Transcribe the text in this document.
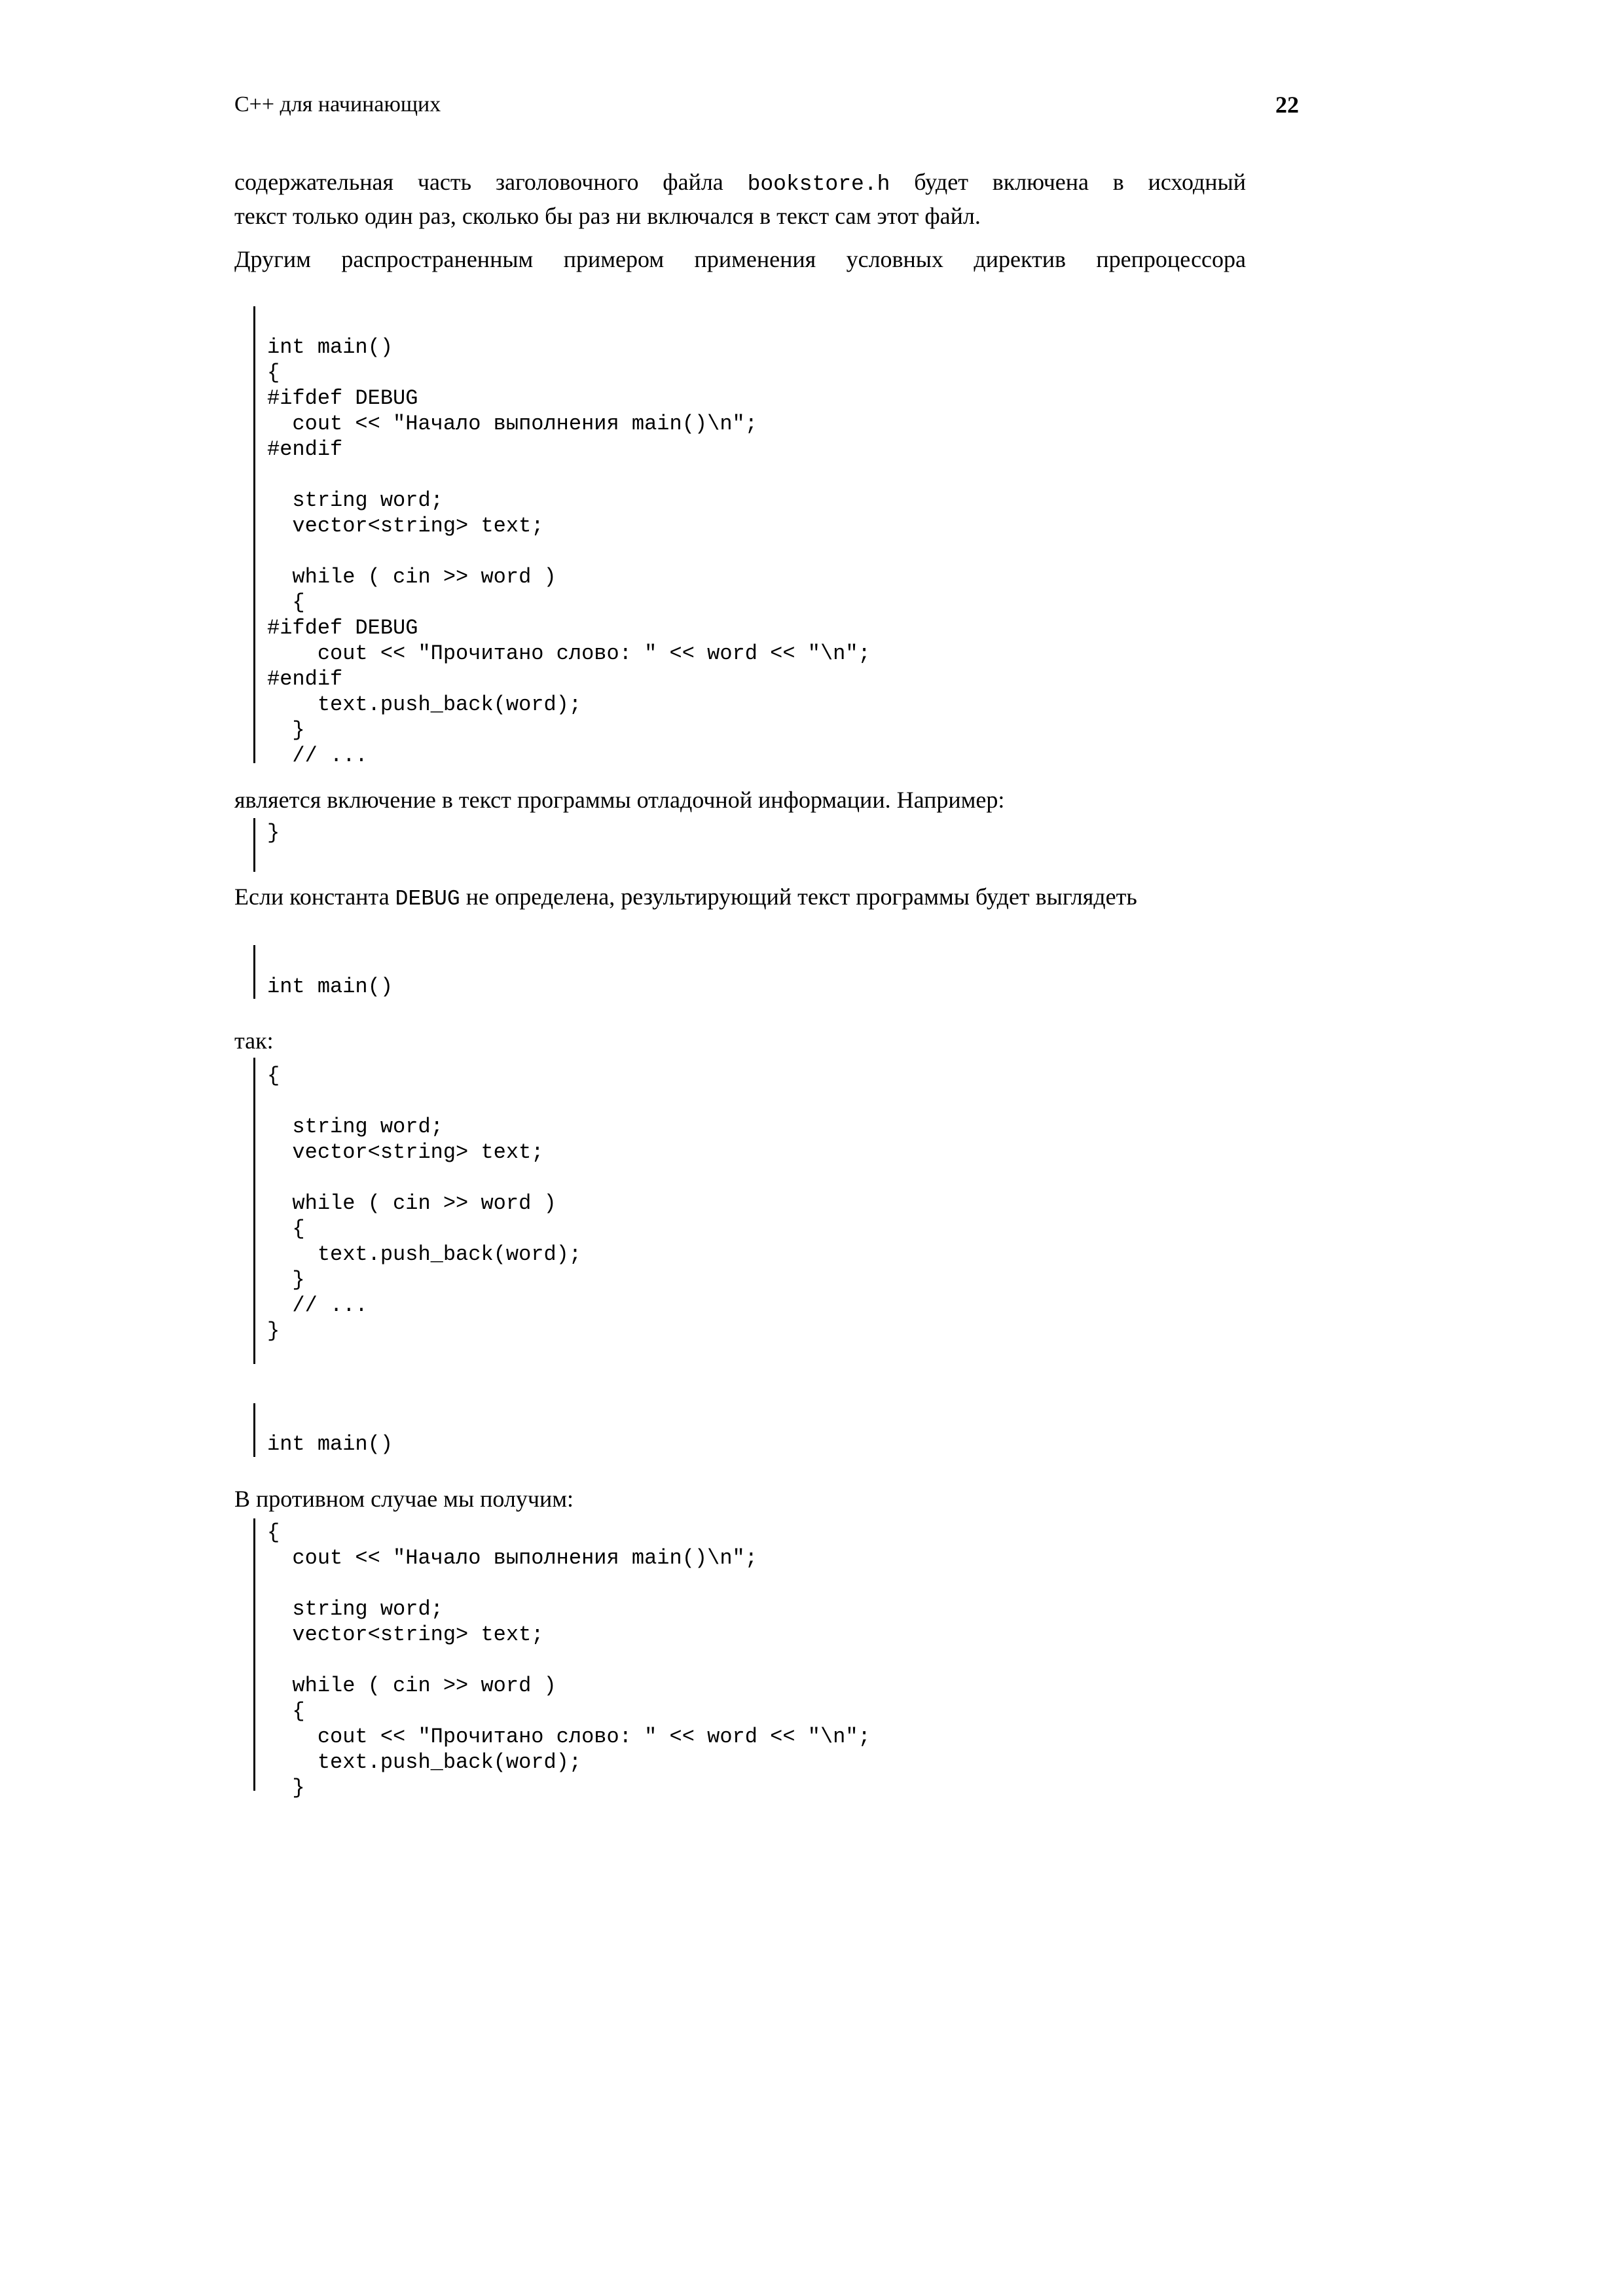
C++ для начинающих	22

содержательная часть заголовочного файла bookstore.h будет включена в исходный
текст только один раз, сколько бы раз ни включался в текст сам этот файл.

Другим распространенным примером применения условных директив препроцессора

int main()
{
#ifdef DEBUG
cout << "Начало выполнения main()\n";
#endif

string word;
vector<string> text;

while ( cin >> word )
{
#ifdef DEBUG
cout << "Прочитано слово: " << word << "\n";
#endif
text.push_back(word);
}
// ...

является включение в текст программы отладочной информации. Например:

}

Если константа DEBUG не определена, результирующий текст программы будет выглядеть

int main()

так:

{

string word;
vector<string> text;

while ( cin >> word )
{
text.push_back(word);
}
// ...
}
int main()

В противном случае мы получим:

{
cout << "Начало выполнения main()\n";

string word;
vector<string> text;

while ( cin >> word )
{
cout << "Прочитано слово: " << word << "\n";
text.push_back(word);
}
